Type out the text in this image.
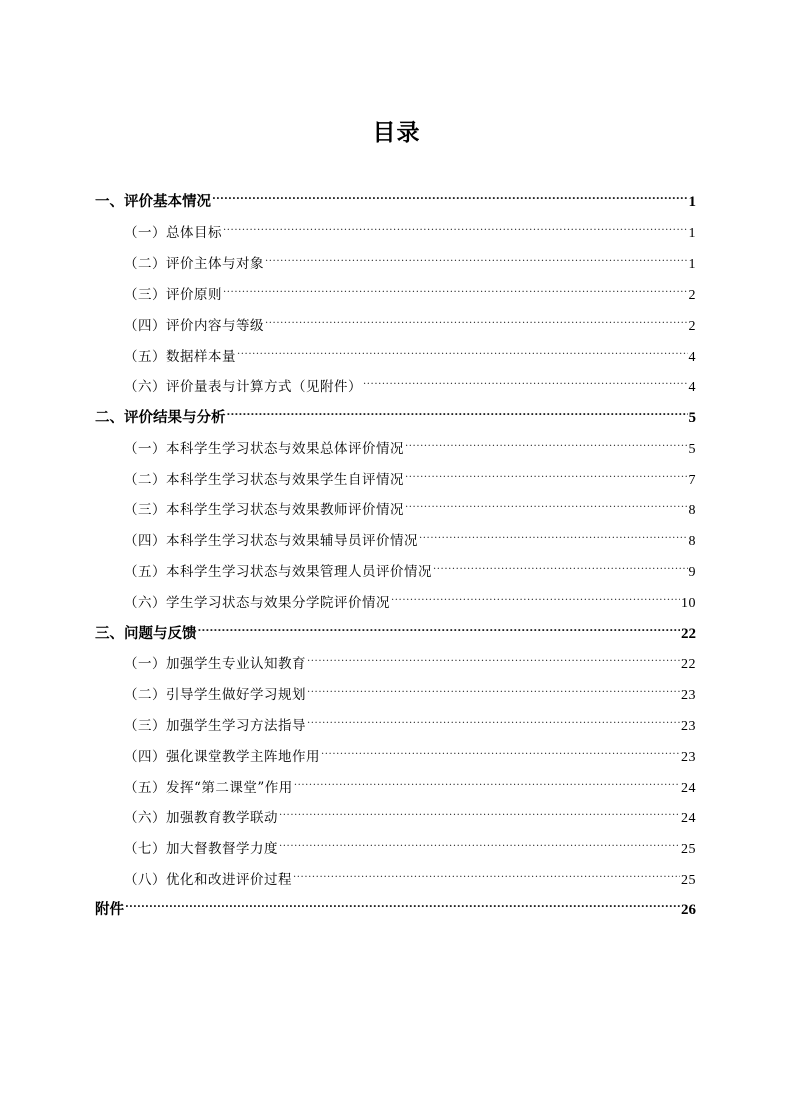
目录
一、评价基本情况 .....	1
（一）总体目标 .....	1
（二）评价主体与对象 .....	1
（三）评价原则 .....	2
（四）评价内容与等级 .....	2
（五）数据样本量 .....	4
（六）评价量表与计算方式（见附件） .....	4
二、评价结果与分析 .....	5
（一）本科学生学习状态与效果总体评价情况 .....	5
（二）本科学生学习状态与效果学生自评情况 .....	7
（三）本科学生学习状态与效果教师评价情况 .....	8
（四）本科学生学习状态与效果辅导员评价情况 .....	8
（五）本科学生学习状态与效果管理人员评价情况 .....	9
（六）学生学习状态与效果分学院评价情况 .....	10
三、问题与反馈 .....	22
（一）加强学生专业认知教育 .....	22
（二）引导学生做好学习规划 .....	23
（三）加强学生学习方法指导 .....	23
（四）强化课堂教学主阵地作用 .....	23
（五）发挥“第二课堂”作用 .....	24
（六）加强教育教学联动 .....	24
（七）加大督教督学力度 .....	25
（八）优化和改进评价过程 .....	25
附件 .....	26
